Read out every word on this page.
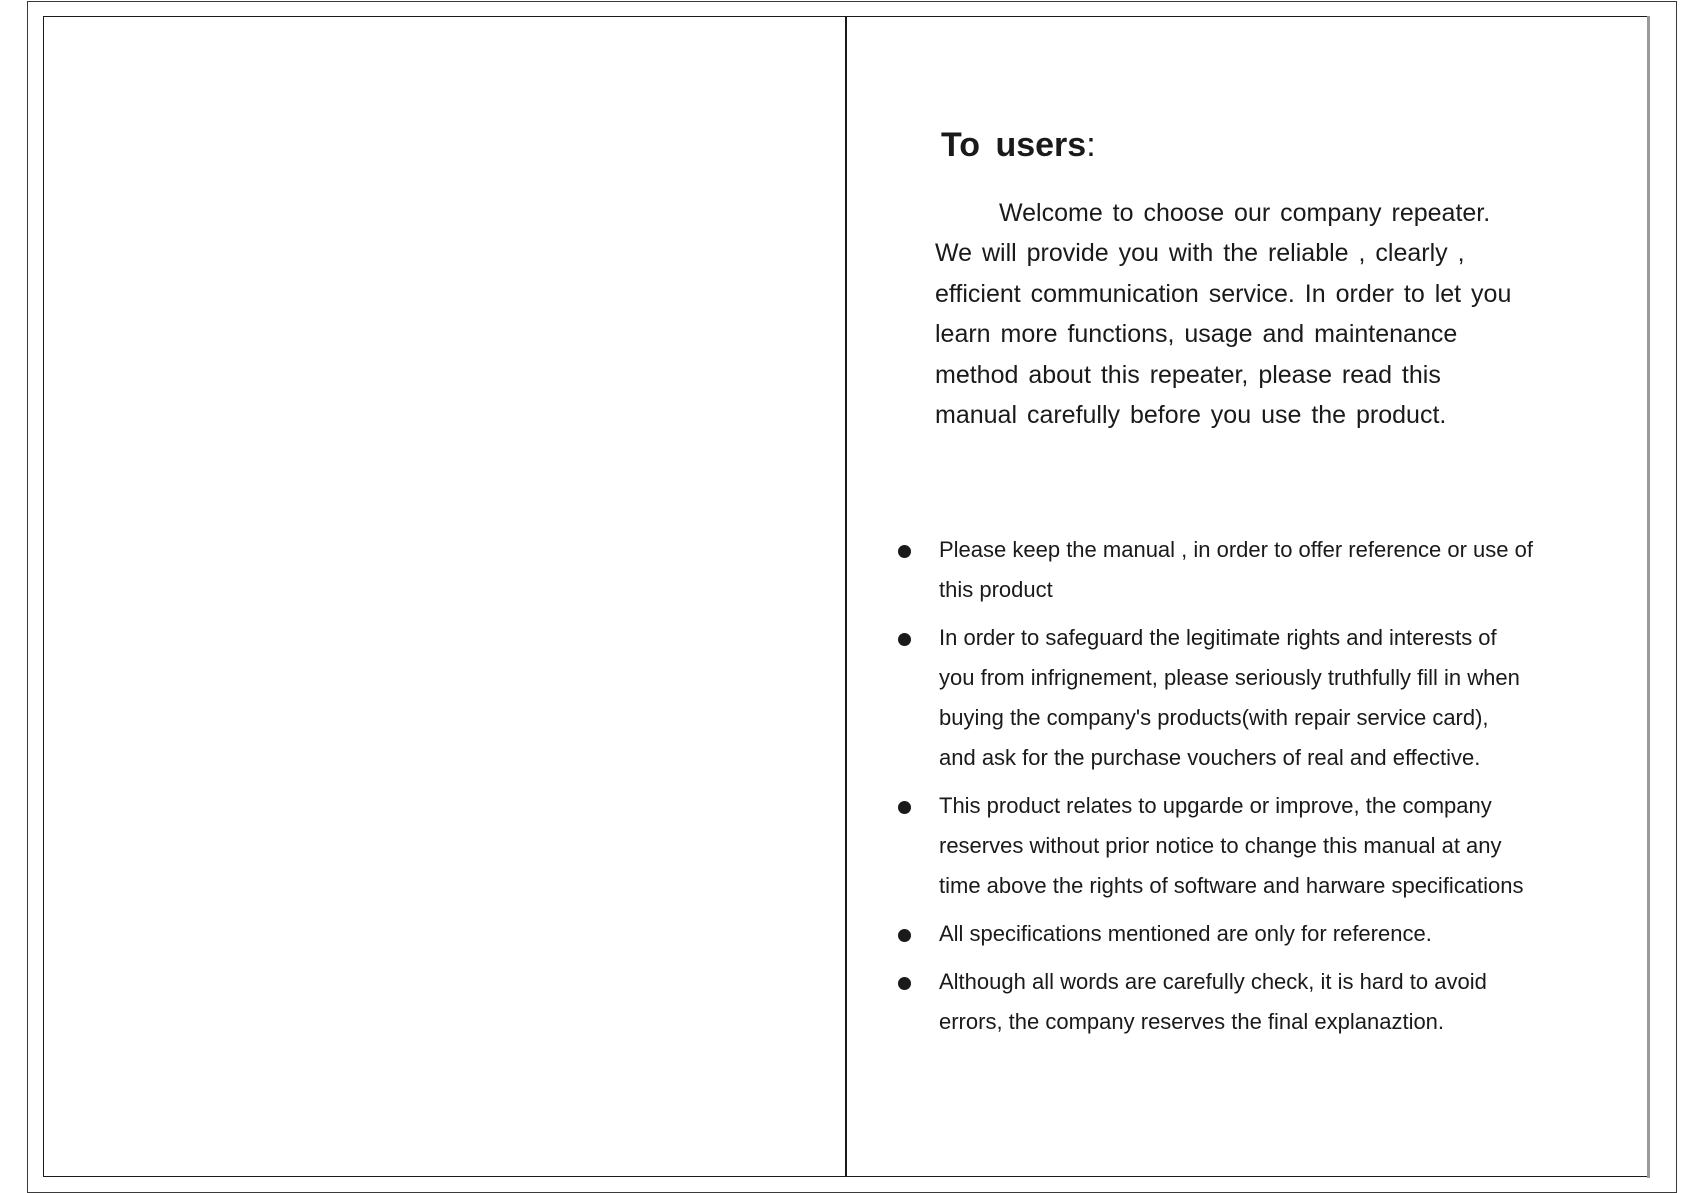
To users:
Welcome to choose our company repeater.
We will provide you with the reliable , clearly ,
efficient communication service. In order to let you
learn more functions, usage and maintenance
method about this repeater, please read this
manual carefully before you use the product.
Please keep the manual , in order to offer reference or use of
this product
In order to safeguard the legitimate rights and interests of
you from infrignement, please seriously truthfully fill in when
buying the company's products(with repair service card),
and ask for the purchase vouchers of real and effective.
This product relates to upgarde or improve, the company
reserves without prior notice to change this manual at any
time above the rights of software and harware specifications
All specifications mentioned are only for reference.
Although all words are carefully check, it is hard to avoid
errors, the company reserves the final explanaztion.
